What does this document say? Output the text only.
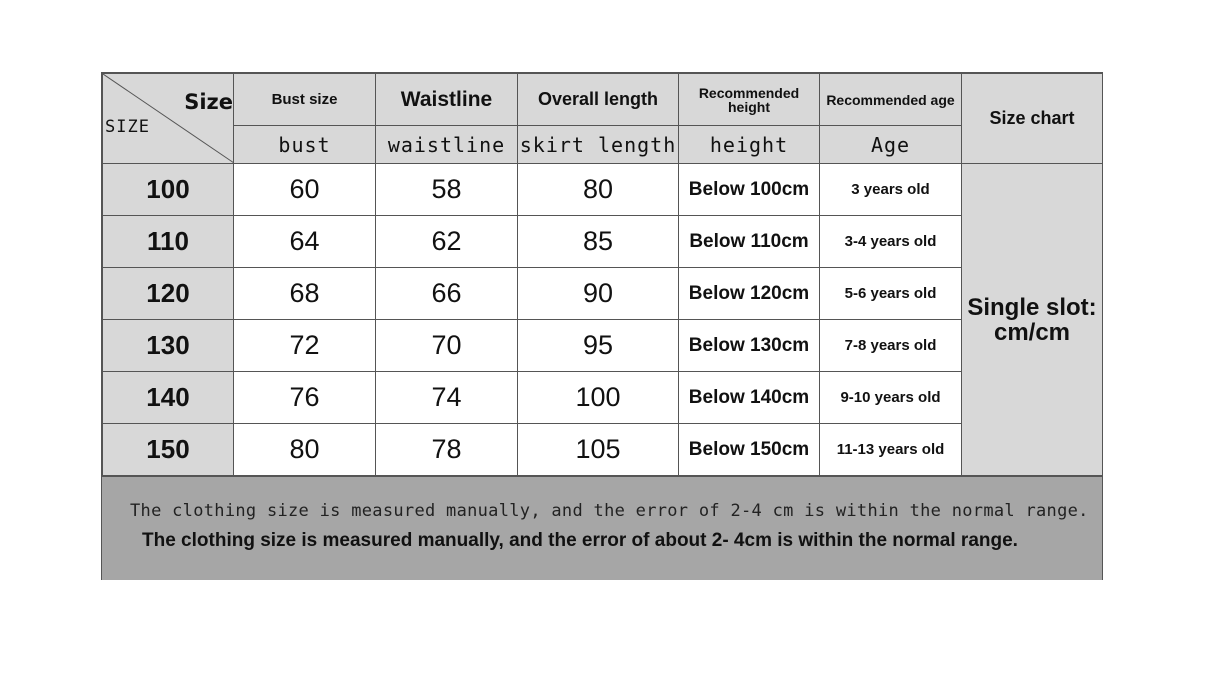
Size
SIZE	Bust size	Waistline	Overall length	Recommended height	Recommended age	Size chart
	bust	waistline	skirt length	height	Age	
100	60	58	80	Below 100cm	3 years old	Single slot: cm/cm
110	64	62	85	Below 110cm	3-4 years old	
120	68	66	90	Below 120cm	5-6 years old	
130	72	70	95	Below 130cm	7-8 years old	
140	76	74	100	Below 140cm	9-10 years old	
150	80	78	105	Below 150cm	11-13 years old	
The clothing size is measured manually, and the error of 2-4 cm is within the normal range.
The clothing size is measured manually, and the error of about 2- 4cm is within the normal range.
